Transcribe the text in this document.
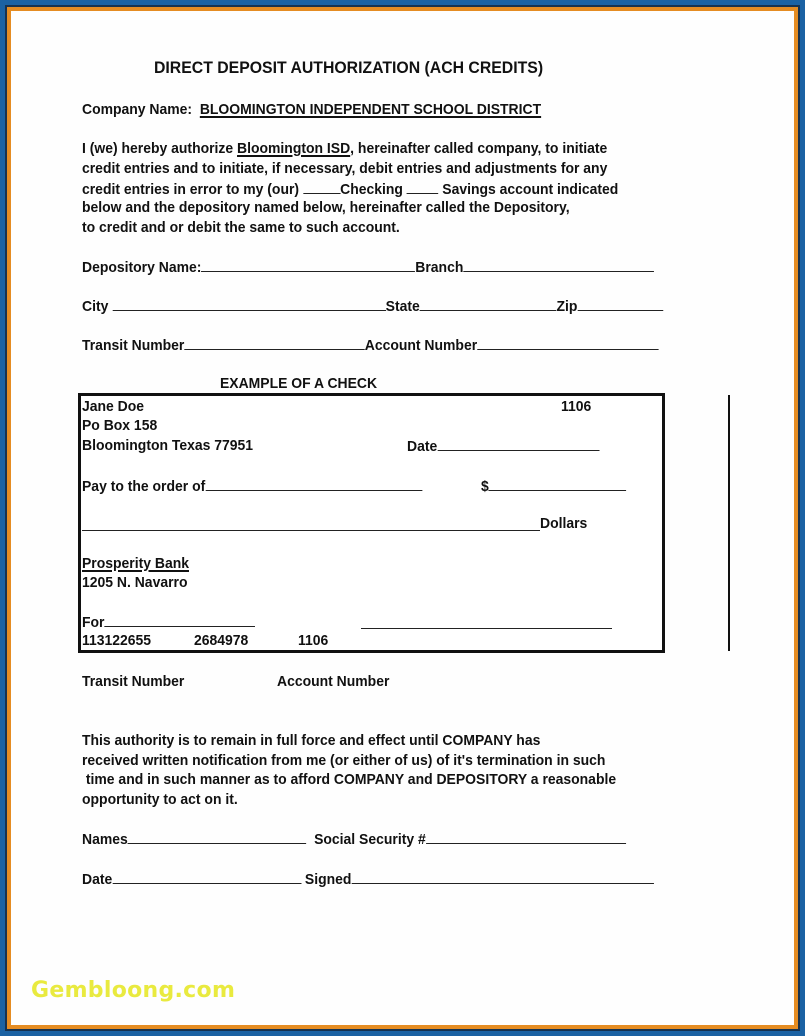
DIRECT DEPOSIT AUTHORIZATION (ACH CREDITS)
Company Name: BLOOMINGTON INDEPENDENT SCHOOL DISTRICT
I (we) hereby authorize Bloomington ISD, hereinafter called company, to initiate
credit entries and to initiate, if necessary, debit entries and adjustments for any
credit entries in error to my (our) Checking	Savings account indicated
below and the depository named below, hereinafter called the Depository,
to credit and or debit the same to such account.
Depository Name:	Branch
City	State	Zip
Transit Number	Account Number
EXAMPLE OF A CHECK
Jane Doe	1106
Po Box 158
Bloomington Texas 77951	Date
Pay to the order of	$
Dollars
Prosperity Bank
1205 N. Navarro
For
113122655	2684978	1106
Transit Number	Account Number
This authority is to remain in full force and effect until COMPANY has
received written notification from me (or either of us) of it's termination in such
time and in such manner as to afford COMPANY and DEPOSITORY a reasonable
opportunity to act on it.
Names	Social Security #
Date	Signed
Gembloong.com
